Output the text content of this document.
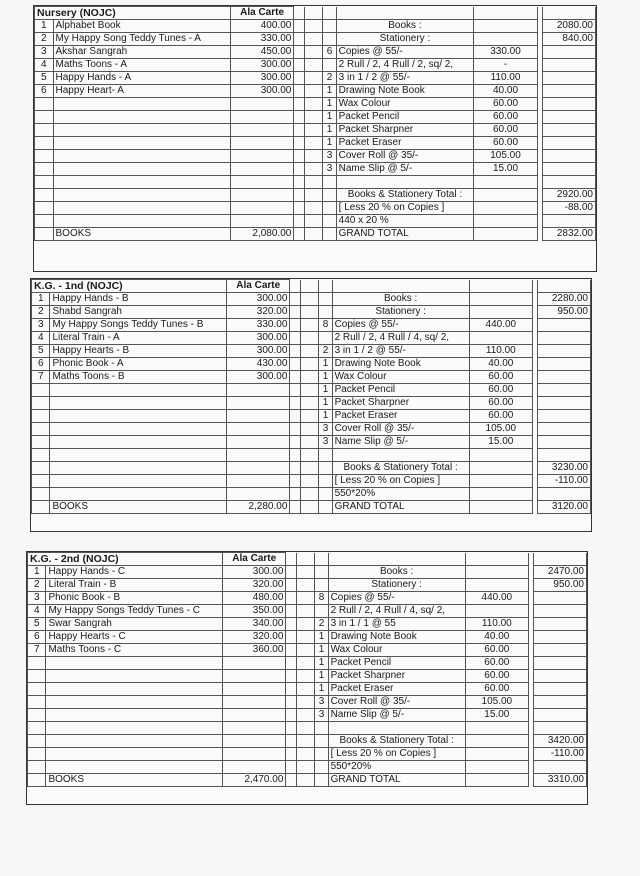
Nursery (NOJC)		Ala Carte							
1	Alphabet Book	400.00				Books :			2080.00
2	My Happy Song Teddy Tunes - A	330.00				Stationery :			840.00
3	Akshar Sangrah	450.00			6	Copies @ 55/-	330.00		
4	Maths Toons - A	300.00				2 Rull / 2, 4 Rull / 2, sq/ 2,	-		
5	Happy Hands - A	300.00			2	3 in 1 / 2 @ 55/-	110.00		
6	Happy Heart- A	300.00			1	Drawing Note Book	40.00		
					1	Wax Colour	60.00		
					1	Packet Pencil	60.00		
					1	Packet Sharpner	60.00		
					1	Packet Eraser	60.00		
					3	Cover Roll @ 35/-	105.00		
					3	Name Slip @ 5/-	15.00		

						Books & Stationery Total :			2920.00
						[ Less 20 % on Copies ]			-88.00
						440 x 20 %			
	BOOKS	2,080.00				GRAND TOTAL			2832.00
K.G. - 1nd (NOJC)		Ala Carte							
1	Happy Hands - B	300.00				Books :			2280.00
2	Shabd Sangrah	320.00				Stationery :			950.00
3	My Happy Songs Teddy Tunes - B	330.00			8	Copies @ 55/-	440.00		
4	Literal Train - A	300.00				2 Rull / 2, 4 Rull / 4, sq/ 2,			
5	Happy Hearts - B	300.00			2	3 in 1 / 2 @ 55/-	110.00		
6	Phonic Book - A	430.00			1	Drawing Note Book	40.00		
7	Maths Toons - B	300.00			1	Wax Colour	60.00		
					1	Packet Pencil	60.00		
					1	Packet Sharpner	60.00		
					1	Packet Eraser	60.00		
					3	Cover Roll @ 35/-	105.00		
					3	Name Slip @ 5/-	15.00		

						Books & Stationery Total :			3230.00
						[ Less 20 % on Copies ]			-110.00
						550*20%			
	BOOKS	2,280.00				GRAND TOTAL			3120.00
K.G. - 2nd (NOJC)		Ala Carte							
1	Happy Hands - C	300.00				Books :			2470.00
2	Literal Train - B	320.00				Stationery :			950.00
3	Phonic Book - B	480.00			8	Copies @ 55/-	440.00		
4	My Happy Songs Teddy Tunes - C	350.00				2 Rull / 2, 4 Rull / 4, sq/ 2,			
5	Swar Sangrah	340.00			2	3 in 1 / 1 @ 55	110.00		
6	Happy Hearts - C	320.00			1	Drawing Note Book	40.00		
7	Maths Toons - C	360.00			1	Wax Colour	60.00		
					1	Packet Pencil	60.00		
					1	Packet Sharpner	60.00		
					1	Packet Eraser	60.00		
					3	Cover Roll @ 35/-	105.00		
					3	Name Slip @ 5/-	15.00		

						Books & Stationery Total :			3420.00
						[ Less 20 % on Copies ]			-110.00
						550*20%			
	BOOKS	2,470.00				GRAND TOTAL			3310.00
